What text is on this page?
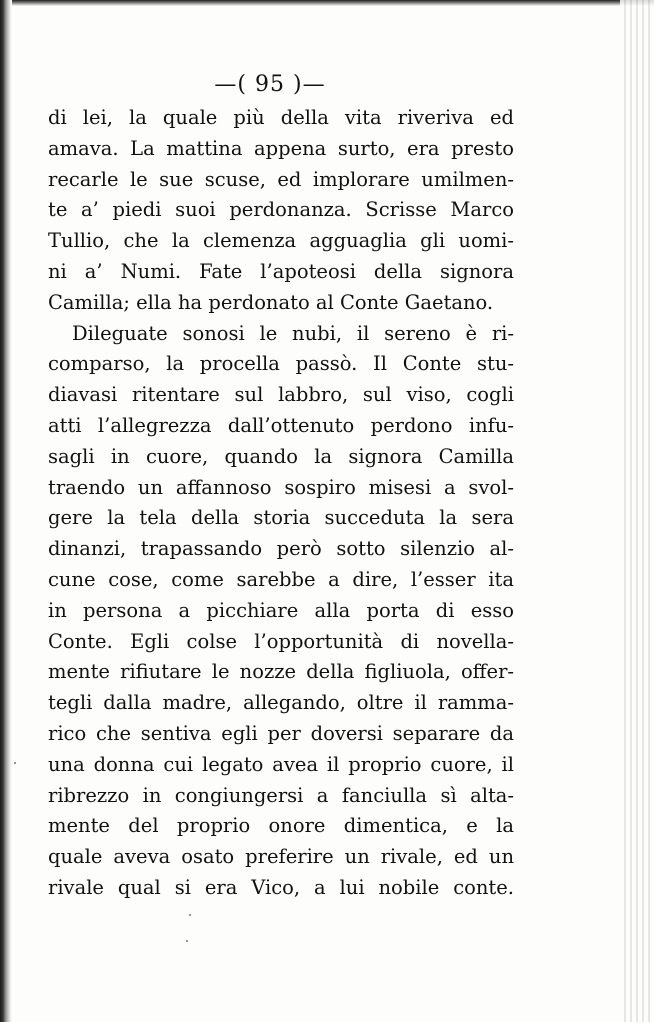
—( 95 )—
di lei, la quale più della vita riveriva ed
amava. La mattina appena surto, era presto
recarle le sue scuse, ed implorare umilmen-
te a’ piedi suoi perdonanza. Scrisse Marco
Tullio, che la clemenza agguaglia gli uomi-
ni a’ Numi. Fate l’apoteosi della signora
Camilla; ella ha perdonato al Conte Gaetano.
Dileguate sonosi le nubi, il sereno è ri-
comparso, la procella passò. Il Conte stu-
diavasi ritentare sul labbro, sul viso, cogli
atti l’allegrezza dall’ottenuto perdono infu-
sagli in cuore, quando la signora Camilla
traendo un affannoso sospiro misesi a svol-
gere la tela della storia succeduta la sera
dinanzi, trapassando però sotto silenzio al-
cune cose, come sarebbe a dire, l’esser ita
in persona a picchiare alla porta di esso
Conte. Egli colse l’opportunità di novella-
mente rifiutare le nozze della figliuola, offer-
tegli dalla madre, allegando, oltre il ramma-
rico che sentiva egli per doversi separare da
una donna cui legato avea il proprio cuore, il
ribrezzo in congiungersi a fanciulla sì alta-
mente del proprio onore dimentica, e la
quale aveva osato preferire un rivale, ed un
rivale qual si era Vico, a lui nobile conte.
